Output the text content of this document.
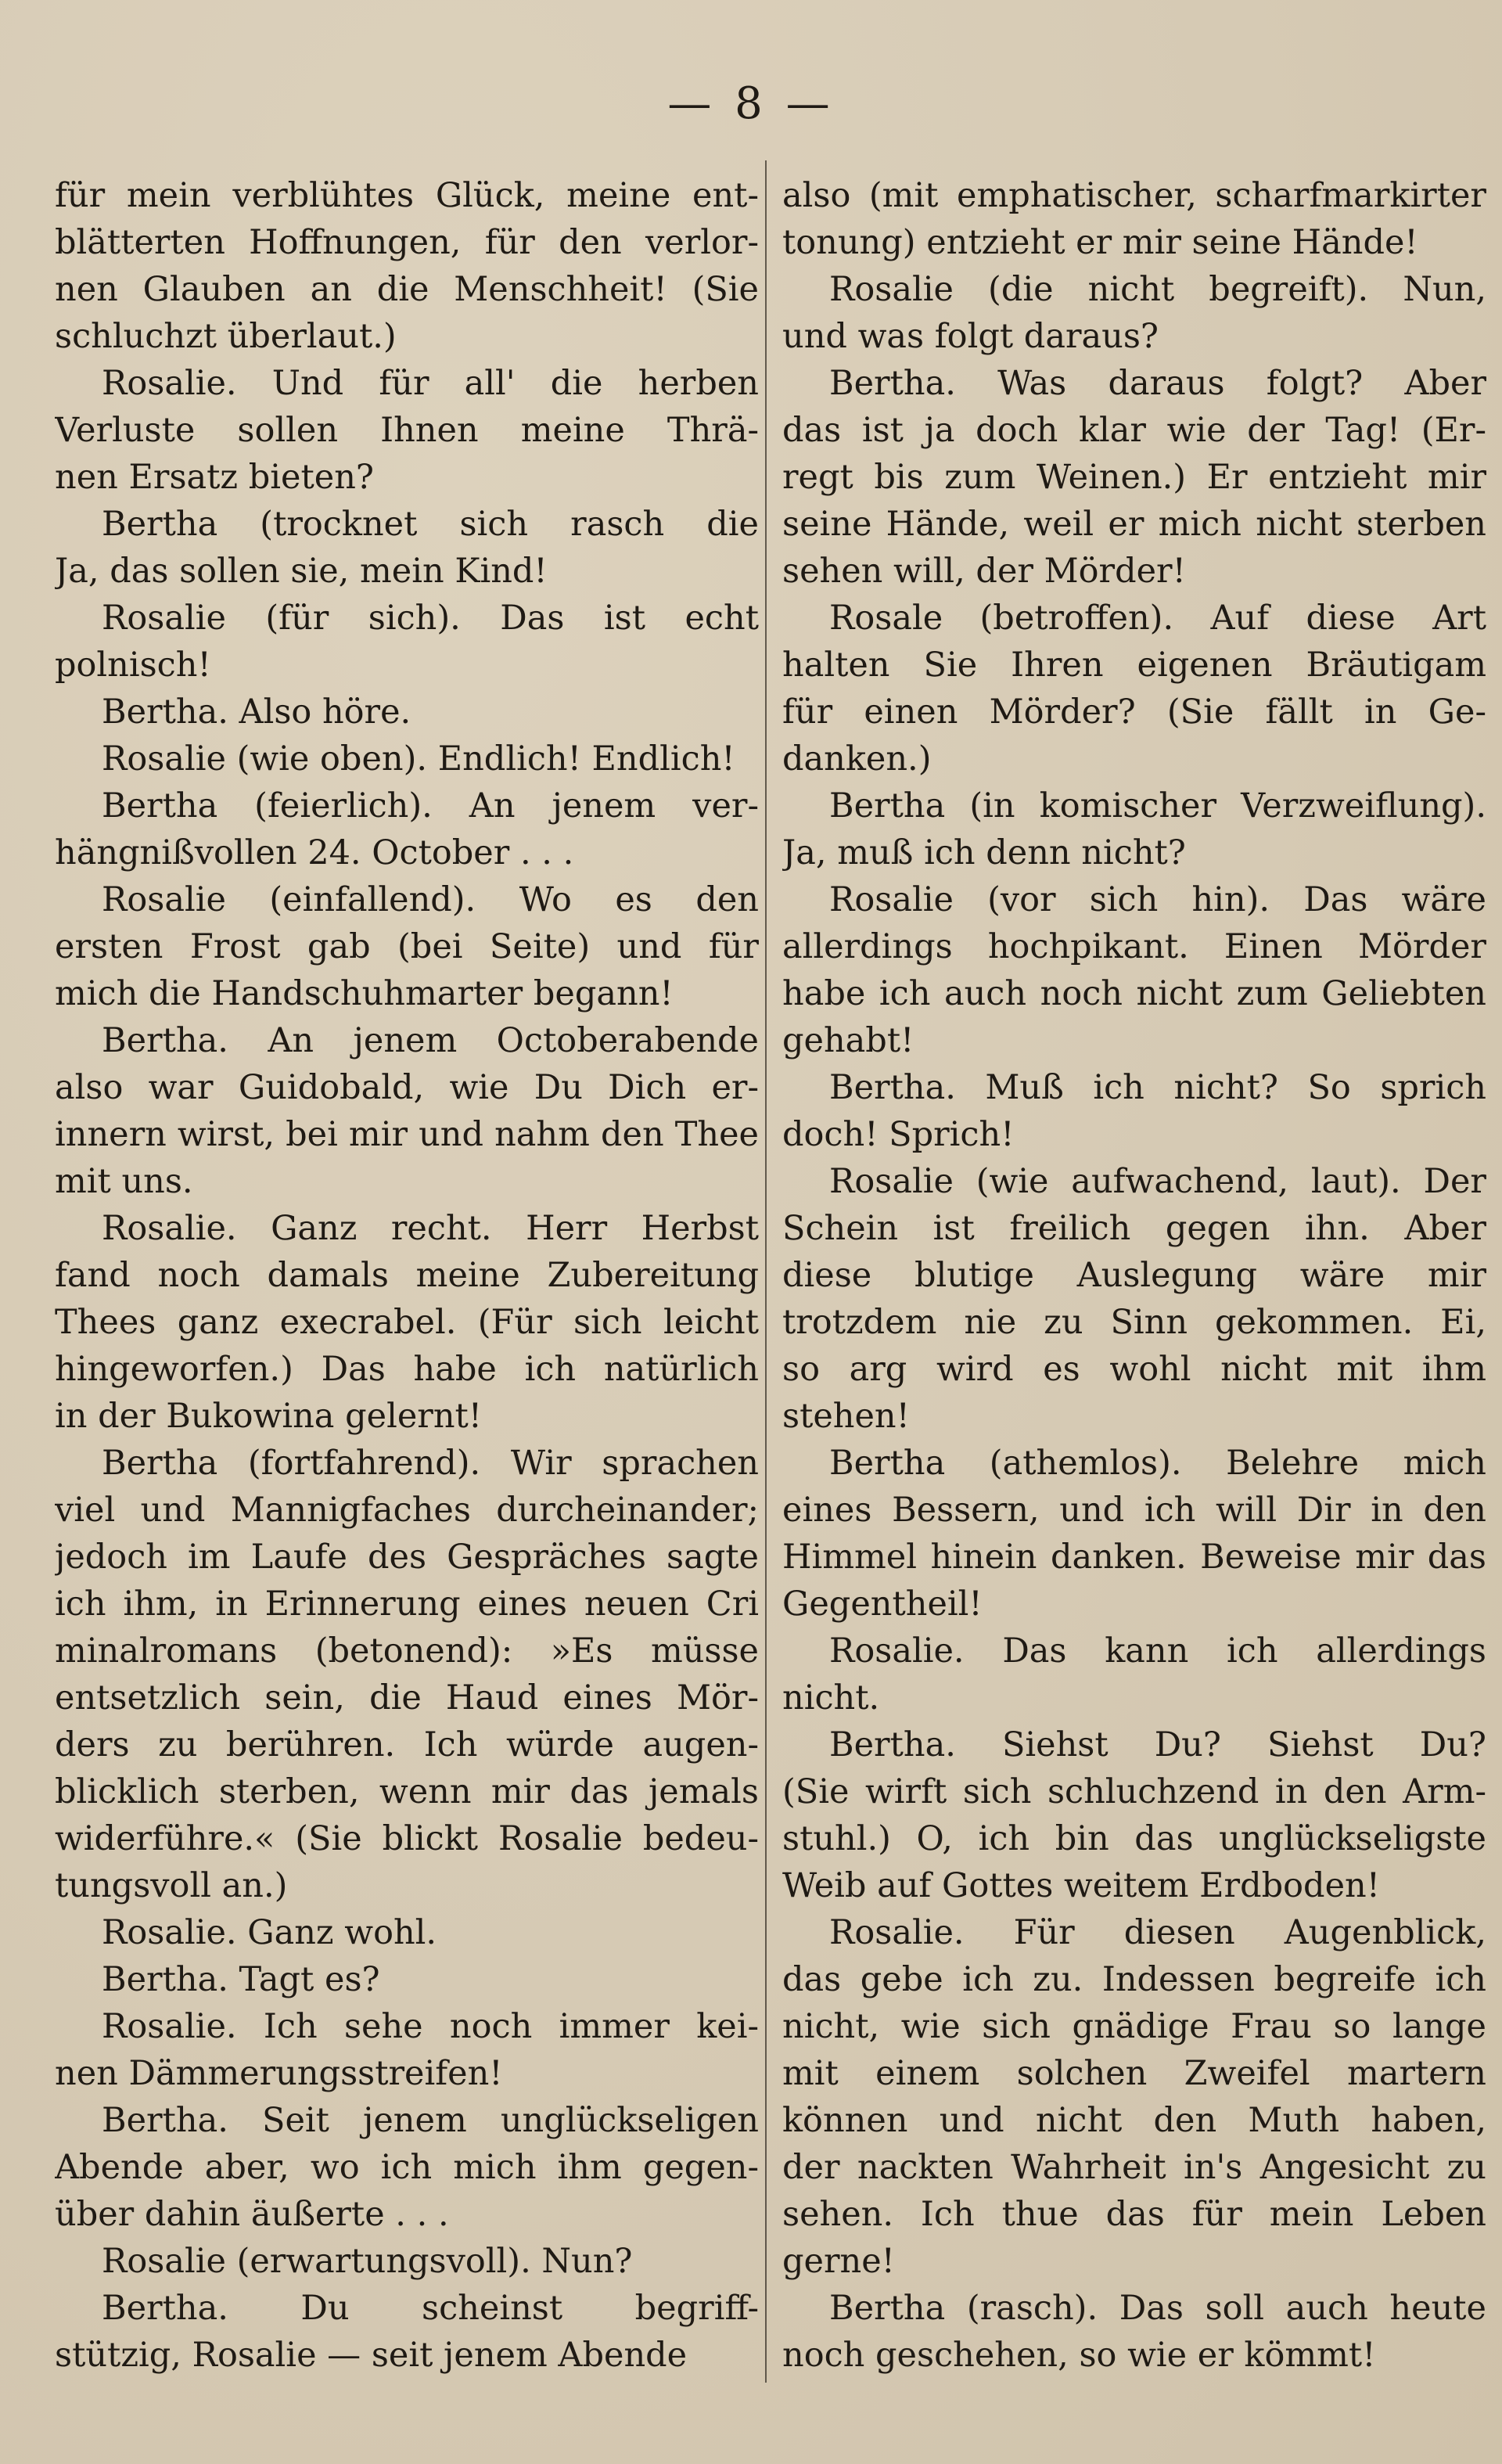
— 8 —
für mein verblühtes Glück, meine ent-
blätterten Hoffnungen, für den verlor-
nen Glauben an die Menschheit! (Sie
schluchzt überlaut.)
Rosalie. Und für all' die herben
Verluste sollen Ihnen meine Thrä-
nen Ersatz bieten?
Bertha (trocknet sich rasch die
Ja, das sollen sie, mein Kind!
Rosalie (für sich). Das ist echt
polnisch!
Bertha. Also höre.
Rosalie (wie oben). Endlich! Endlich!
Bertha (feierlich). An jenem ver-
hängnißvollen 24. October . . .
Rosalie (einfallend). Wo es den
ersten Frost gab (bei Seite) und für
mich die Handschuhmarter begann!
Bertha. An jenem Octoberabende
also war Guidobald, wie Du Dich er-
innern wirst, bei mir und nahm den Thee
mit uns.
Rosalie. Ganz recht. Herr Herbst
fand noch damals meine Zubereitung
Thees ganz execrabel. (Für sich leicht
hingeworfen.) Das habe ich natürlich
in der Bukowina gelernt!
Bertha (fortfahrend). Wir sprachen
viel und Mannigfaches durcheinander;
jedoch im Laufe des Gespräches sagte
ich ihm, in Erinnerung eines neuen Cri
minalromans (betonend): »Es müsse
entsetzlich sein, die Haud eines Mör-
ders zu berühren. Ich würde augen-
blicklich sterben, wenn mir das jemals
widerführe.« (Sie blickt Rosalie bedeu-
tungsvoll an.)
Rosalie. Ganz wohl.
Bertha. Tagt es?
Rosalie. Ich sehe noch immer kei-
nen Dämmerungsstreifen!
Bertha. Seit jenem unglückseligen
Abende aber, wo ich mich ihm gegen-
über dahin äußerte . . .
Rosalie (erwartungsvoll). Nun?
Bertha. Du scheinst begriff-
stützig, Rosalie — seit jenem Abende
also (mit emphatischer, scharfmarkirter
tonung) entzieht er mir seine Hände!
Rosalie (die nicht begreift). Nun,
und was folgt daraus?
Bertha. Was daraus folgt? Aber
das ist ja doch klar wie der Tag! (Er-
regt bis zum Weinen.) Er entzieht mir
seine Hände, weil er mich nicht sterben
sehen will, der Mörder!
Rosale (betroffen). Auf diese Art
halten Sie Ihren eigenen Bräutigam
für einen Mörder? (Sie fällt in Ge-
danken.)
Bertha (in komischer Verzweiflung).
Ja, muß ich denn nicht?
Rosalie (vor sich hin). Das wäre
allerdings hochpikant. Einen Mörder
habe ich auch noch nicht zum Geliebten
gehabt!
Bertha. Muß ich nicht? So sprich
doch! Sprich!
Rosalie (wie aufwachend, laut). Der
Schein ist freilich gegen ihn. Aber
diese blutige Auslegung wäre mir
trotzdem nie zu Sinn gekommen. Ei,
so arg wird es wohl nicht mit ihm
stehen!
Bertha (athemlos). Belehre mich
eines Bessern, und ich will Dir in den
Himmel hinein danken. Beweise mir das
Gegentheil!
Rosalie. Das kann ich allerdings
nicht.
Bertha. Siehst Du? Siehst Du?
(Sie wirft sich schluchzend in den Arm-
stuhl.) O, ich bin das unglückseligste
Weib auf Gottes weitem Erdboden!
Rosalie. Für diesen Augenblick,
das gebe ich zu. Indessen begreife ich
nicht, wie sich gnädige Frau so lange
mit einem solchen Zweifel martern
können und nicht den Muth haben,
der nackten Wahrheit in's Angesicht zu
sehen. Ich thue das für mein Leben
gerne!
Bertha (rasch). Das soll auch heute
noch geschehen, so wie er kömmt!
